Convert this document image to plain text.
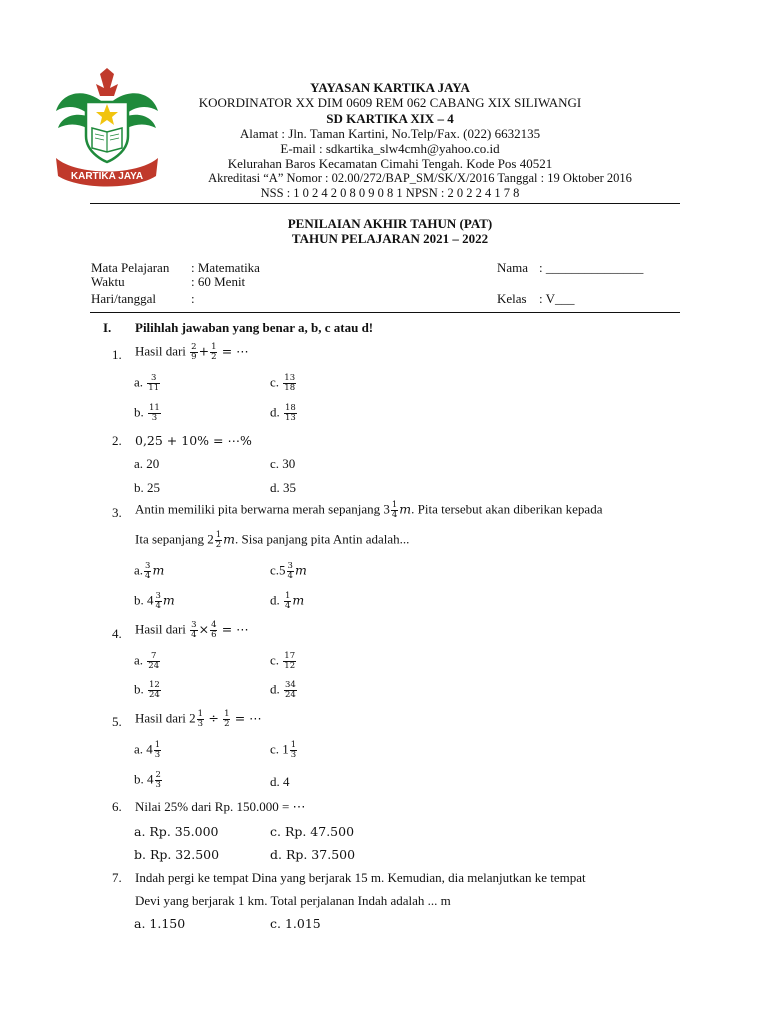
KARTIKA JAYA
YAYASAN KARTIKA JAYA
KOORDINATOR XX DIM 0609 REM 062 CABANG XIX SILIWANGI
SD KARTIKA XIX – 4
Alamat : Jln. Taman Kartini, No.Telp/Fax. (022) 6632135
E-mail : sdkartika_slw4cmh@yahoo.co.id
Kelurahan Baros Kecamatan Cimahi Tengah. Kode Pos 40521
Akreditasi “A” Nomor : 02.00/272/BAP_SM/SK/X/2016 Tanggal : 19 Oktober 2016
NSS : 1 0 2 4 2 0 8 0 9 0 8 1 NPSN : 2 0 2 2 4 1 7 8
PENILAIAN AKHIR TAHUN (PAT)
TAHUN PELAJARAN 2021 – 2022
Mata Pelajaran : Matematika
Waktu	: 60 Menit
Hari/tanggal	:
Nama : _______________
Kelas : V___
I. Pilihlah jawaban yang benar a, b, c atau d!
1. Hasil dari $\frac{2}{9} + \frac{1}{2}$ = ⋯
a. $\frac{3}{11}$	c. $\frac{13}{18}$
b. $\frac{11}{3}$	d. $\frac{18}{13}$
2. 0,25 + 10% = ⋯%
a. 20	c. 30
b. 25	d. 35
3. Antin memiliki pita berwarna merah sepanjang $3 \frac{1}{4} m$. Pita tersebut akan diberikan kepada
Ita sepanjang $2 \frac{1}{2} m$. Sisa panjang pita Antin adalah...
a. $\frac{3}{4}$ m	$c.5 \frac{3}{4}$ m
b. $4 \frac{3}{4}$ m	d. $\frac{1}{4}$ m
4. Hasil dari $\frac{3}{4} \times \frac{4}{6}$ = ⋯
a. $\frac{7}{24}$	c. $\frac{17}{12}$
b. $\frac{12}{24}$	d. $\frac{34}{24}$
5. Hasil dari $2 \frac{1}{3} \div \frac{1}{2}$ = ⋯
a. $4 \frac{1}{3}$	c. $1 \frac{1}{3}$
b. $4 \frac{2}{3}$	d. 4
6. Nilai 25% dari Rp. 150.000 = ⋯
a. Rp. 35.000	c. Rp. 47.500
b. Rp. 32.500	d. Rp. 37.500
7. Indah pergi ke tempat Dina yang berjarak 15 m. Kemudian, dia melanjutkan ke tempat
Devi yang berjarak 1 km. Total perjalanan Indah adalah ... m
a. 1.150	c. 1.015
